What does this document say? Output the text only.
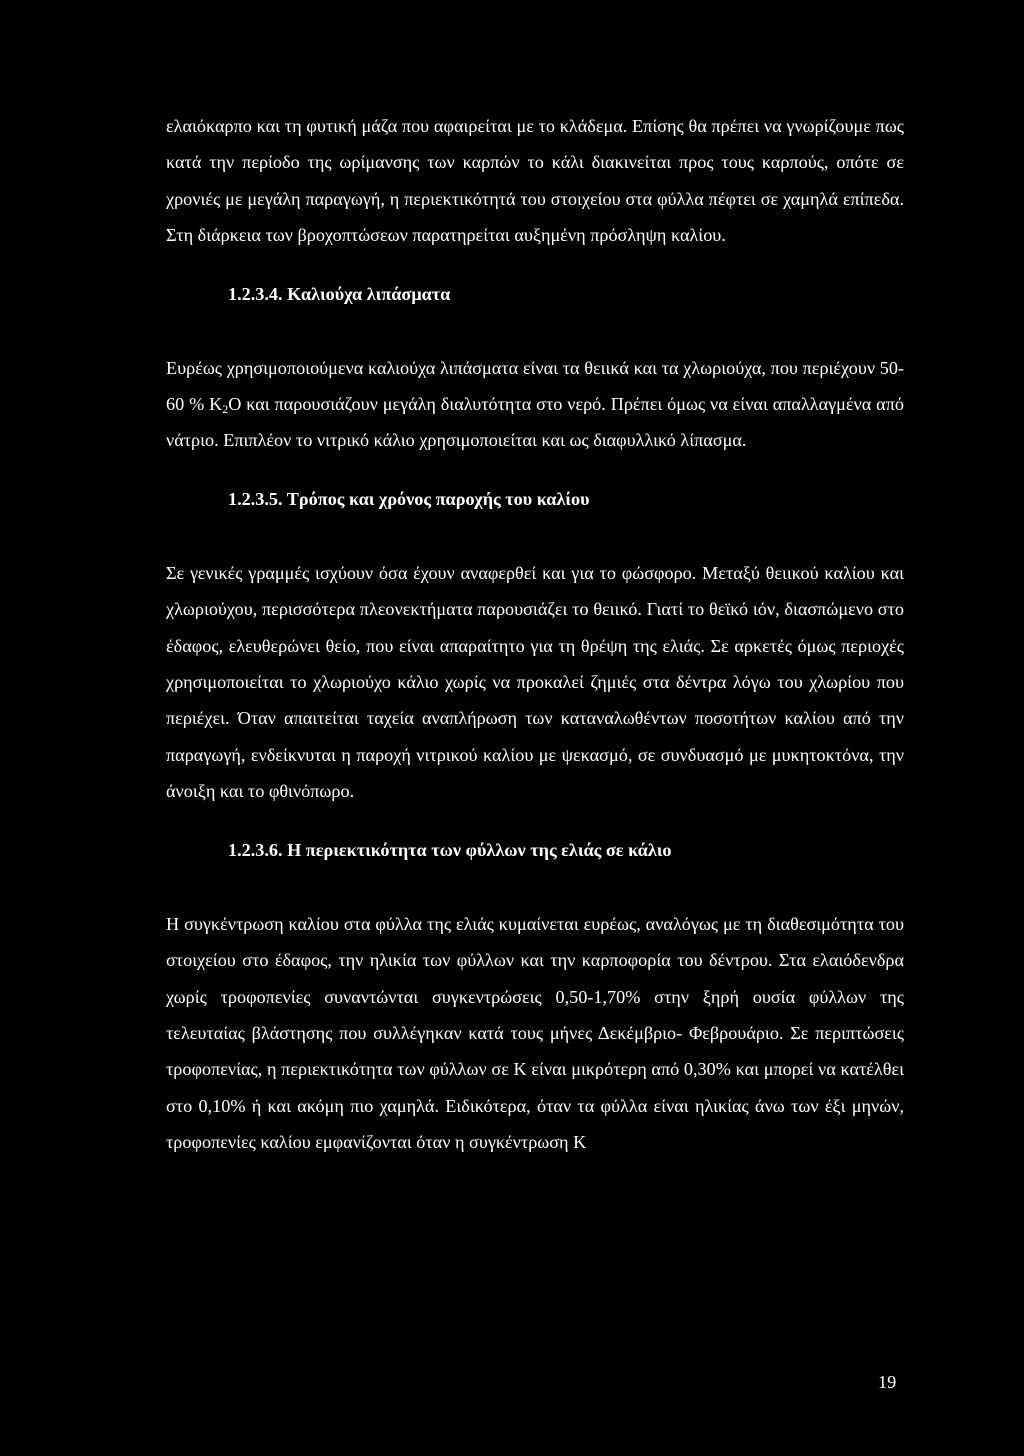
ελαιόκαρπο και τη φυτική μάζα που αφαιρείται με το κλάδεμα. Επίσης θα πρέπει να γνωρίζουμε πως κατά την περίοδο της ωρίμανσης των καρπών το κάλι διακινείται προς τους καρπούς, οπότε σε χρονιές με μεγάλη παραγωγή, η περιεκτικότητά του στοιχείου στα φύλλα πέφτει σε χαμηλά επίπεδα. Στη διάρκεια των βροχοπτώσεων παρατηρείται αυξημένη πρόσληψη καλίου.

1.2.3.4. Καλιούχα λιπάσματα

Ευρέως χρησιμοποιούμενα καλιούχα λιπάσματα είναι τα θειικά και τα χλωριούχα, που περιέχουν 50-60 % $K_2O$ και παρουσιάζουν μεγάλη διαλυτότητα στο νερό. Πρέπει όμως να είναι απαλλαγμένα από νάτριο. Επιπλέον το νιτρικό κάλιο χρησιμοποιείται και ως διαφυλλικό λίπασμα.

1.2.3.5. Τρόπος και χρόνος παροχής του καλίου

Σε γενικές γραμμές ισχύουν όσα έχουν αναφερθεί και για το φώσφορο. Μεταξύ θειικού καλίου και χλωριούχου, περισσότερα πλεονεκτήματα παρουσιάζει το θειικό. Γιατί το θεϊκό ιόν, διασπώμενο στο έδαφος, ελευθερώνει θείο, που είναι απαραίτητο για τη θρέψη της ελιάς. Σε αρκετές όμως περιοχές χρησιμοποιείται το χλωριούχο κάλιο χωρίς να προκαλεί ζημιές στα δέντρα λόγω του χλωρίου που περιέχει. Όταν απαιτείται ταχεία αναπλήρωση των καταναλωθέντων ποσοτήτων καλίου από την παραγωγή, ενδείκνυται η παροχή νιτρικού καλίου με ψεκασμό, σε συνδυασμό με μυκητοκτόνα, την άνοιξη και το φθινόπωρο.

1.2.3.6. Η περιεκτικότητα των φύλλων της ελιάς σε κάλιο

Η συγκέντρωση καλίου στα φύλλα της ελιάς κυμαίνεται ευρέως, αναλόγως με τη διαθεσιμότητα του στοιχείου στο έδαφος, την ηλικία των φύλλων και την καρποφορία του δέντρου. Στα ελαιόδενδρα χωρίς τροφοπενίες συναντώνται συγκεντρώσεις 0,50-1,70% στην ξηρή ουσία φύλλων της τελευταίας βλάστησης που συλλέγηκαν κατά τους μήνες Δεκέμβριο- Φεβρουάριο. Σε περιπτώσεις τροφοπενίας, η περιεκτικότητα των φύλλων σε Κ είναι μικρότερη από 0,30% και μπορεί να κατέλθει στο 0,10% ή και ακόμη πιο χαμηλά. Ειδικότερα, όταν τα φύλλα είναι ηλικίας άνω των έξι μηνών, τροφοπενίες καλίου εμφανίζονται όταν η συγκέντρωση Κ

19
